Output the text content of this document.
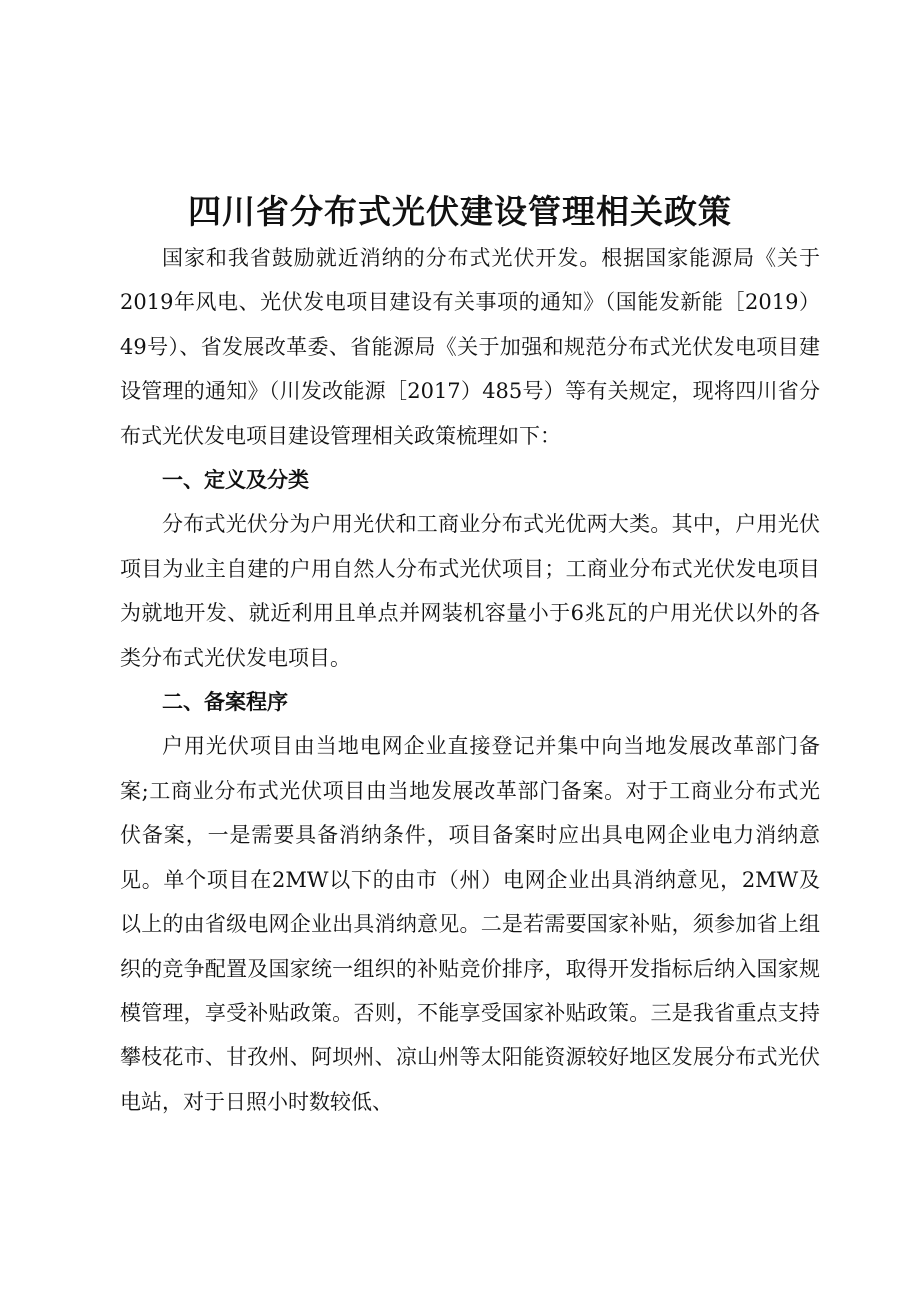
四川省分布式光伏建设管理相关政策

国家和我省鼓励就近消纳的分布式光伏开发。根据国家能源局《关于2019年风电、光伏发电项目建设有关事项的通知》（国能发新能［2019）49号）、省发展改革委、省能源局《关于加强和规范分布式光伏发电项目建设管理的通知》（川发改能源［2017）485号）等有关规定，现将四川省分布式光伏发电项目建设管理相关政策梳理如下：

一、定义及分类

分布式光伏分为户用光伏和工商业分布式光优两大类。其中，户用光伏项目为业主自建的户用自然人分布式光伏项目；工商业分布式光伏发电项目为就地开发、就近利用且单点并网装机容量小于6兆瓦的户用光伏以外的各类分布式光伏发电项目。

二、备案程序

户用光伏项目由当地电网企业直接登记并集中向当地发展改革部门备案;工商业分布式光伏项目由当地发展改革部门备案。对于工商业分布式光伏备案，一是需要具备消纳条件，项目备案时应出具电网企业电力消纳意见。单个项目在2MW以下的由市（州）电网企业出具消纳意见，2MW及以上的由省级电网企业出具消纳意见。二是若需要国家补贴，须参加省上组织的竞争配置及国家统一组织的补贴竞价排序，取得开发指标后纳入国家规模管理，享受补贴政策。否则，不能享受国家补贴政策。三是我省重点支持攀枝花市、甘孜州、阿坝州、凉山州等太阳能资源较好地区发展分布式光伏电站，对于日照小时数较低、
